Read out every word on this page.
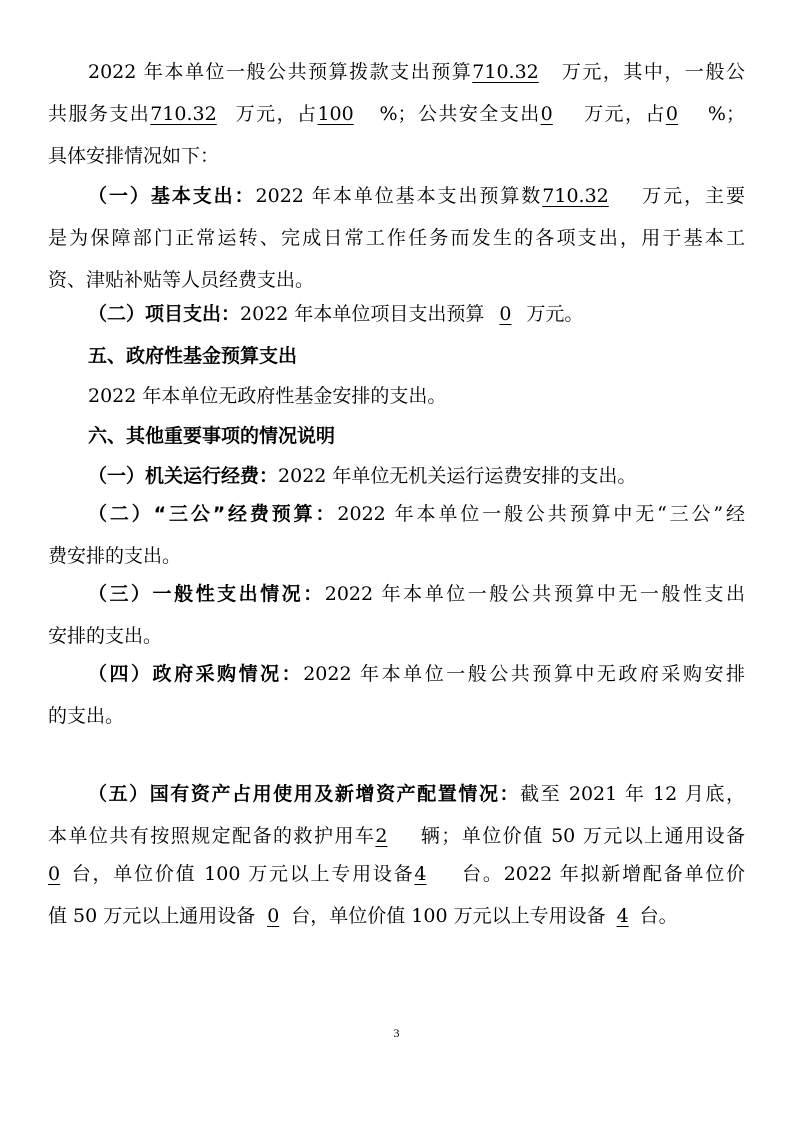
2022 年本单位一般公共预算拨款支出预算710.32 万元，其中，一般公
共服务支出710.32 万元，占100 %；公共安全支出0 万元，占0 %；
具体安排情况如下：
（一）基本支出：2022 年本单位基本支出预算数710.32 万元，主要
是为保障部门正常运转、完成日常工作任务而发生的各项支出，用于基本工
资、津贴补贴等人员经费支出。
（二）项目支出：2022 年本单位项目支出预算 0 万元。
五、政府性基金预算支出
2022 年本单位无政府性基金安排的支出。
六、其他重要事项的情况说明
（一）机关运行经费：2022 年单位无机关运行运费安排的支出。
（二）“三公”经费预算：2022 年本单位一般公共预算中无“三公”经
费安排的支出。
（三）一般性支出情况：2022 年本单位一般公共预算中无一般性支出
安排的支出。
（四）政府采购情况：2022 年本单位一般公共预算中无政府采购安排
的支出。
（五）国有资产占用使用及新增资产配置情况：截至 2021 年 12 月底，
本单位共有按照规定配备的救护用车2 辆；单位价值 50 万元以上通用设备
0 台，单位价值 100 万元以上专用设备4 台。2022 年拟新增配备单位价
值 50 万元以上通用设备 0 台，单位价值 100 万元以上专用设备 4 台。
3
